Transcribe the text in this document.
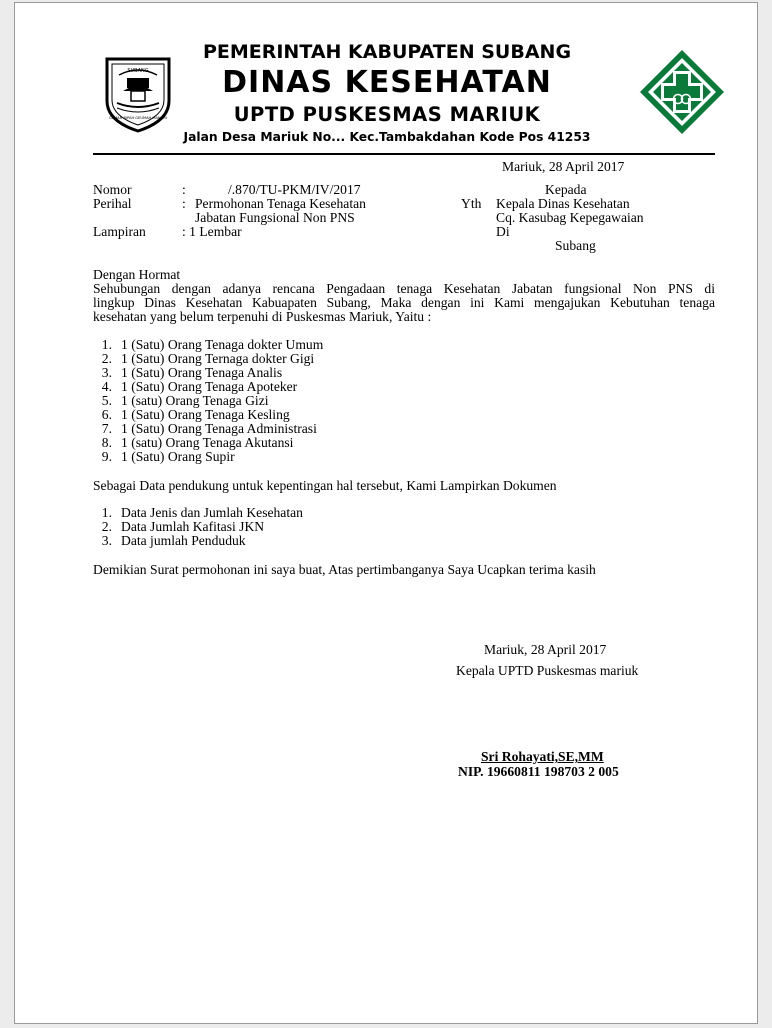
SUBANG
GEMAH RIPAH GEUMAH MANGRI
PEMERINTAH KABUPATEN SUBANG
DINAS KESEHATAN
UPTD PUSKESMAS MARIUK
Jalan Desa Mariuk No... Kec.Tambakdahan Kode Pos 41253
Mariuk, 28 April 2017
Nomor	:	/.870/TU-PKM/IV/2017
Perihal	: Permohonan Tenaga Kesehatan
Jabatan Fungsional Non PNS
Lampiran	: 1 Lembar
Kepada
Yth Kepala Dinas Kesehatan
Cq. Kasubag Kepegawaian
Di
Subang
Dengan Hormat
Sehubungan dengan adanya rencana Pengadaan tenaga Kesehatan Jabatan fungsional Non PNS di
lingkup Dinas Kesehatan Kabuapaten Subang, Maka dengan ini Kami mengajukan Kebutuhan tenaga
kesehatan yang belum terpenuhi di Puskesmas Mariuk, Yaitu :
1. 1 (Satu) Orang Tenaga dokter Umum
2. 1 (Satu) Orang Ternaga dokter Gigi
3. 1 (Satu) Orang Tenaga Analis
4. 1 (Satu) Orang Tenaga Apoteker
5. 1 (satu) Orang Tenaga Gizi
6. 1 (Satu) Orang Tenaga Kesling
7. 1 (Satu) Orang Tenaga Administrasi
8. 1 (satu) Orang Tenaga Akutansi
9. 1 (Satu) Orang Supir
Sebagai Data pendukung untuk kepentingan hal tersebut, Kami Lampirkan Dokumen
1. Data Jenis dan Jumlah Kesehatan
2. Data Jumlah Kafitasi JKN
3. Data jumlah Penduduk
Demikian Surat permohonan ini saya buat, Atas pertimbanganya Saya Ucapkan terima kasih
Mariuk, 28 April 2017
Kepala UPTD Puskesmas mariuk
Sri Rohayati,SE,MM
NIP. 19660811 198703 2 005
